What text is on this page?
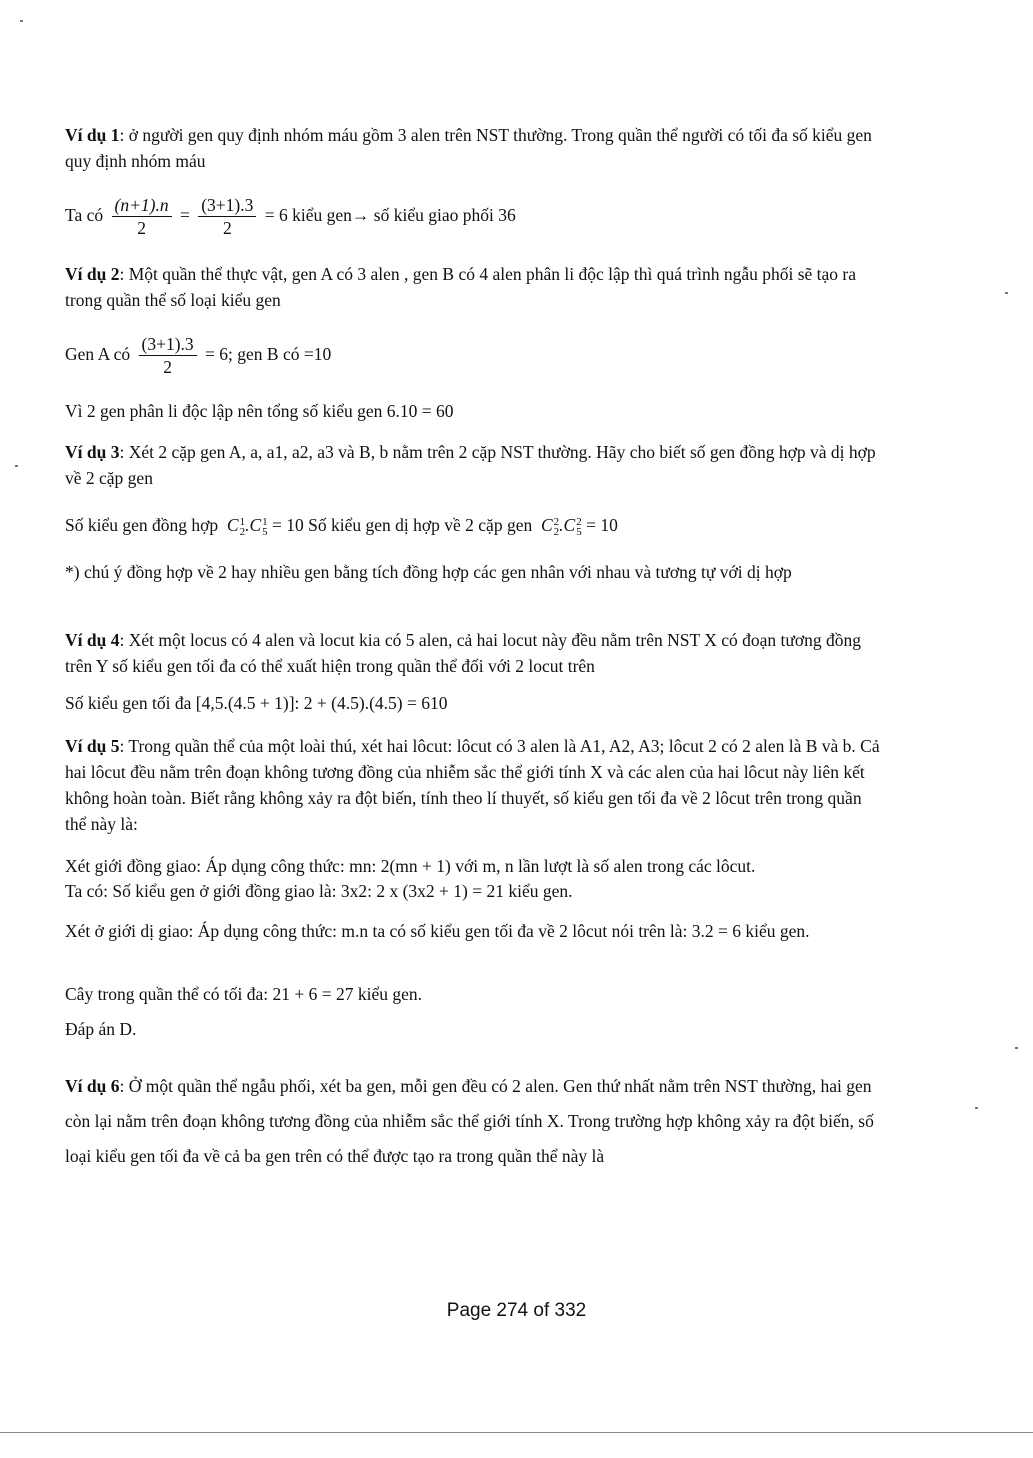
Ví dụ 1: ở người gen quy định nhóm máu gồm 3 alen trên NST thường. Trong quần thể người có tối đa số kiểu gen quy định nhóm máu

Ta có $\frac{(n+1).n}{2} = \frac{(3+1).3}{2} = 6$ kiểu gen→ số kiểu giao phối 36

Ví dụ 2: Một quần thể thực vật, gen A có 3 alen , gen B có 4 alen phân li độc lập thì quá trình ngẫu phối sẽ tạo ra trong quần thể số loại kiểu gen

Gen A có $\frac{(3+1).3}{2} = 6$; gen B có =10

Vì 2 gen phân li độc lập nên tổng số kiểu gen 6.10 = 60

Ví dụ 3: Xét 2 cặp gen A, a, a1, a2, a3 và B, b nằm trên 2 cặp NST thường. Hãy cho biết số gen đồng hợp và dị hợp về 2 cặp gen

Số kiểu gen đồng hợp  C 1
2 .C 1
5 = 10 Số kiểu gen dị hợp về 2 cặp gen  C 2
2 .C 2
5 = 10

*) chú ý đồng hợp về 2 hay nhiều gen bằng tích đồng hợp các gen nhân với nhau và tương tự với dị hợp

Ví dụ 4: Xét một locus có 4 alen và locut kia có 5 alen, cả hai locut này đều nằm trên NST X có đoạn tương đồng trên Y số kiểu gen tối đa có thể xuất hiện trong quần thể đối với 2 locut trên

Số kiểu gen tối đa [4,5.(4.5 + 1)]: 2 + (4.5).(4.5) = 610

Ví dụ 5: Trong quần thể của một loài thú, xét hai lôcut: lôcut có 3 alen là A1, A2, A3; lôcut 2 có 2 alen là B và b. Cả hai lôcut đều nằm trên đoạn không tương đồng của nhiễm sắc thể giới tính X và các alen của hai lôcut này liên kết không hoàn toàn. Biết rằng không xảy ra đột biến, tính theo lí thuyết, số kiểu gen tối đa về 2 lôcut trên trong quần thể này là:

Xét giới đồng giao: Áp dụng công thức: mn: 2(mn + 1) với m, n lần lượt là số alen trong các lôcut.

Ta có: Số kiểu gen ở giới đồng giao là: 3x2: 2 x (3x2 + 1) = 21 kiểu gen.

Xét ở giới dị giao: Áp dụng công thức: m.n ta có số kiểu gen tối đa về 2 lôcut nói trên là: 3.2 = 6 kiểu gen.

Cây trong quần thể có tối đa: 21 + 6 = 27 kiểu gen.

Đáp án D.

Ví dụ 6: Ở một quần thể ngẫu phối, xét ba gen, mỗi gen đều có 2 alen. Gen thứ nhất nằm trên NST thường, hai gen còn lại nằm trên đoạn không tương đồng của nhiễm sắc thể giới tính X. Trong trường hợp không xảy ra đột biến, số loại kiểu gen tối đa về cả ba gen trên có thể được tạo ra trong quần thể này là

Page 274 of 332
